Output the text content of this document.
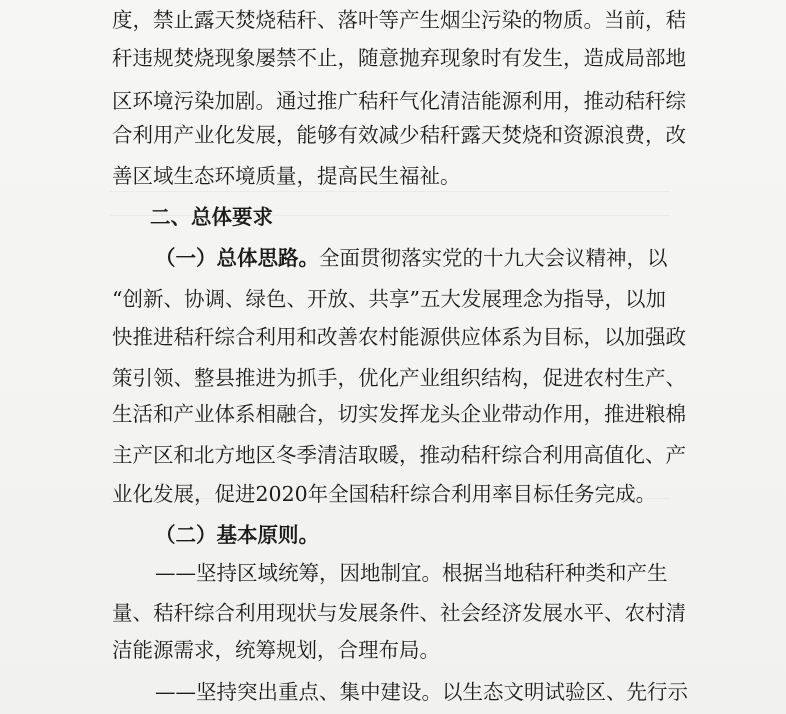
度，禁止露天焚烧秸秆、落叶等产生烟尘污染的物质。当前，秸
秆违规焚烧现象屡禁不止，随意抛弃现象时有发生，造成局部地
区环境污染加剧。通过推广秸秆气化清洁能源利用，推动秸秆综
合利用产业化发展，能够有效减少秸秆露天焚烧和资源浪费，改
善区域生态环境质量，提高民生福祉。
二、总体要求
（一）总体思路。全面贯彻落实党的十九大会议精神，以
“创新、协调、绿色、开放、共享”五大发展理念为指导，以加
快推进秸秆综合利用和改善农村能源供应体系为目标，以加强政
策引领、整县推进为抓手，优化产业组织结构，促进农村生产、
生活和产业体系相融合，切实发挥龙头企业带动作用，推进粮棉
主产区和北方地区冬季清洁取暖，推动秸秆综合利用高值化、产
业化发展，促进2020年全国秸秆综合利用率目标任务完成。
（二）基本原则。
——坚持区域统筹，因地制宜。根据当地秸秆种类和产生
量、秸秆综合利用现状与发展条件、社会经济发展水平、农村清
洁能源需求，统筹规划，合理布局。
——坚持突出重点、集中建设。以生态文明试验区、先行示
